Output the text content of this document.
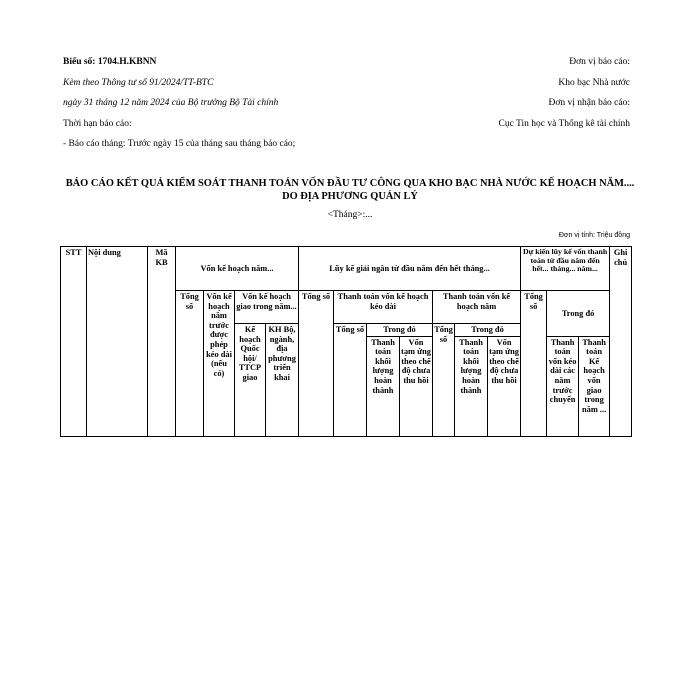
Biểu số: 1704.H.KBNN
Kèm theo Thông tư số 91/2024/TT-BTC
ngày 31 tháng 12 năm 2024 của Bộ trưởng Bộ Tài chính
Thời hạn báo cáo:
- Báo cáo tháng: Trước ngày 15 của tháng sau tháng báo cáo;
Đơn vị báo cáo:
Kho bạc Nhà nước
Đơn vị nhận báo cáo:
Cục Tin học và Thống kê tài chính
BÁO CÁO KẾT QUẢ KIỂM SOÁT THANH TOÁN VỐN ĐẦU TƯ CÔNG QUA KHO BẠC NHÀ NƯỚC KẾ HOẠCH NĂM.... DO ĐỊA PHƯƠNG QUẢN LÝ
<Tháng>:...
Đơn vị tính: Triệu đồng
STT	Nội dung	Mã KB	Vốn kế hoạch năm...				Lũy kế giải ngân từ đầu năm đến hết tháng...							Dự kiến lũy kế vốn thanh toán từ đầu năm đến hết... tháng... năm...			Ghi chú
			Tổng số	Vốn kế hoạch năm trước được phép kéo dài (nếu có)	Vốn kế hoạch giao trong năm...		Tổng số	Thanh toán vốn kế hoạch kéo dài			Thanh toán vốn kế hoạch năm			Tổng số	Trong đó		
					Kế hoạch Quốc hội/ TTCP giao	KH Bộ, ngành, địa phương triển khai		Tổng số	Trong đó		Tổng số	Trong đó					
									Thanh toán khối lượng hoàn thành	Vốn tạm ứng theo chế độ chưa thu hồi		Thanh toán khối lượng hoàn thành	Vốn tạm ứng theo chế độ chưa thu hồi		Thanh toán vốn kéo dài các năm trước chuyển	Thanh toán Kế hoạch vốn giao trong năm ...	
